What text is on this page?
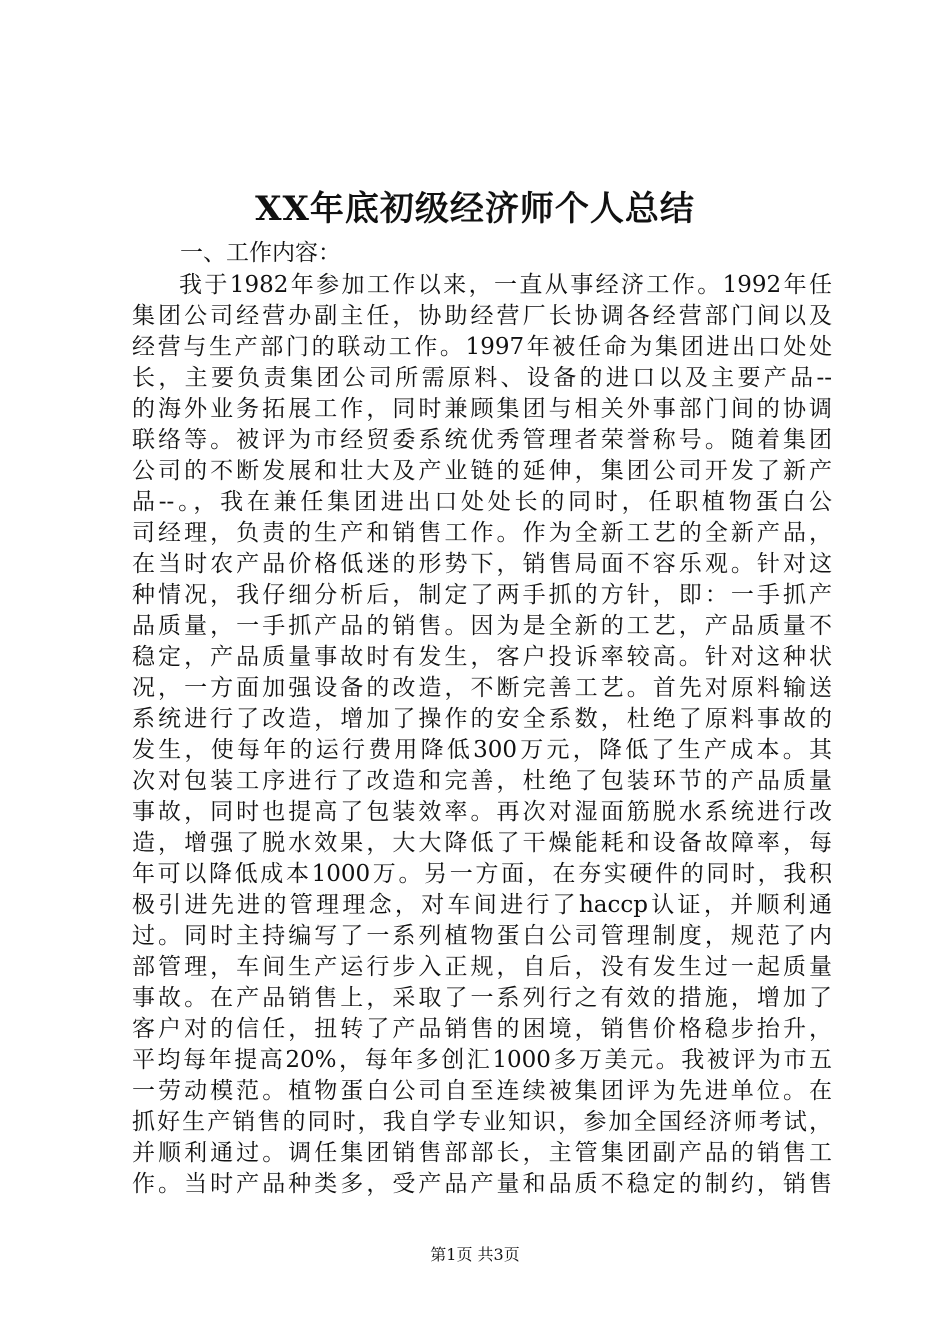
XX年底初级经济师个人总结
一、工作内容：
我于1982年参加工作以来，一直从事经济工作。1992年任
集团公司经营办副主任，协助经营厂长协调各经营部门间以及
经营与生产部门的联动工作。1997年被任命为集团进出口处处
长，主要负责集团公司所需原料、设备的进口以及主要产品--
的海外业务拓展工作，同时兼顾集团与相关外事部门间的协调
联络等。被评为市经贸委系统优秀管理者荣誉称号。随着集团
公司的不断发展和壮大及产业链的延伸，集团公司开发了新产
品--。，我在兼任集团进出口处处长的同时，任职植物蛋白公
司经理，负责的生产和销售工作。作为全新工艺的全新产品，
在当时农产品价格低迷的形势下，销售局面不容乐观。针对这
种情况，我仔细分析后，制定了两手抓的方针，即：一手抓产
品质量，一手抓产品的销售。因为是全新的工艺，产品质量不
稳定，产品质量事故时有发生，客户投诉率较高。针对这种状
况，一方面加强设备的改造，不断完善工艺。首先对原料输送
系统进行了改造，增加了操作的安全系数，杜绝了原料事故的
发生，使每年的运行费用降低300万元，降低了生产成本。其
次对包装工序进行了改造和完善，杜绝了包装环节的产品质量
事故，同时也提高了包装效率。再次对湿面筋脱水系统进行改
造，增强了脱水效果，大大降低了干燥能耗和设备故障率，每
年可以降低成本1000万。另一方面，在夯实硬件的同时，我积
极引进先进的管理理念，对车间进行了haccp认证，并顺利通
过。同时主持编写了一系列植物蛋白公司管理制度，规范了内
部管理，车间生产运行步入正规，自后，没有发生过一起质量
事故。在产品销售上，采取了一系列行之有效的措施，增加了
客户对的信任，扭转了产品销售的困境，销售价格稳步抬升，
平均每年提高20%，每年多创汇1000多万美元。我被评为市五
一劳动模范。植物蛋白公司自至连续被集团评为先进单位。在
抓好生产销售的同时，我自学专业知识，参加全国经济师考试，
并顺利通过。调任集团销售部部长，主管集团副产品的销售工
作。当时产品种类多，受产品产量和品质不稳定的制约，销售
第1页 共3页
